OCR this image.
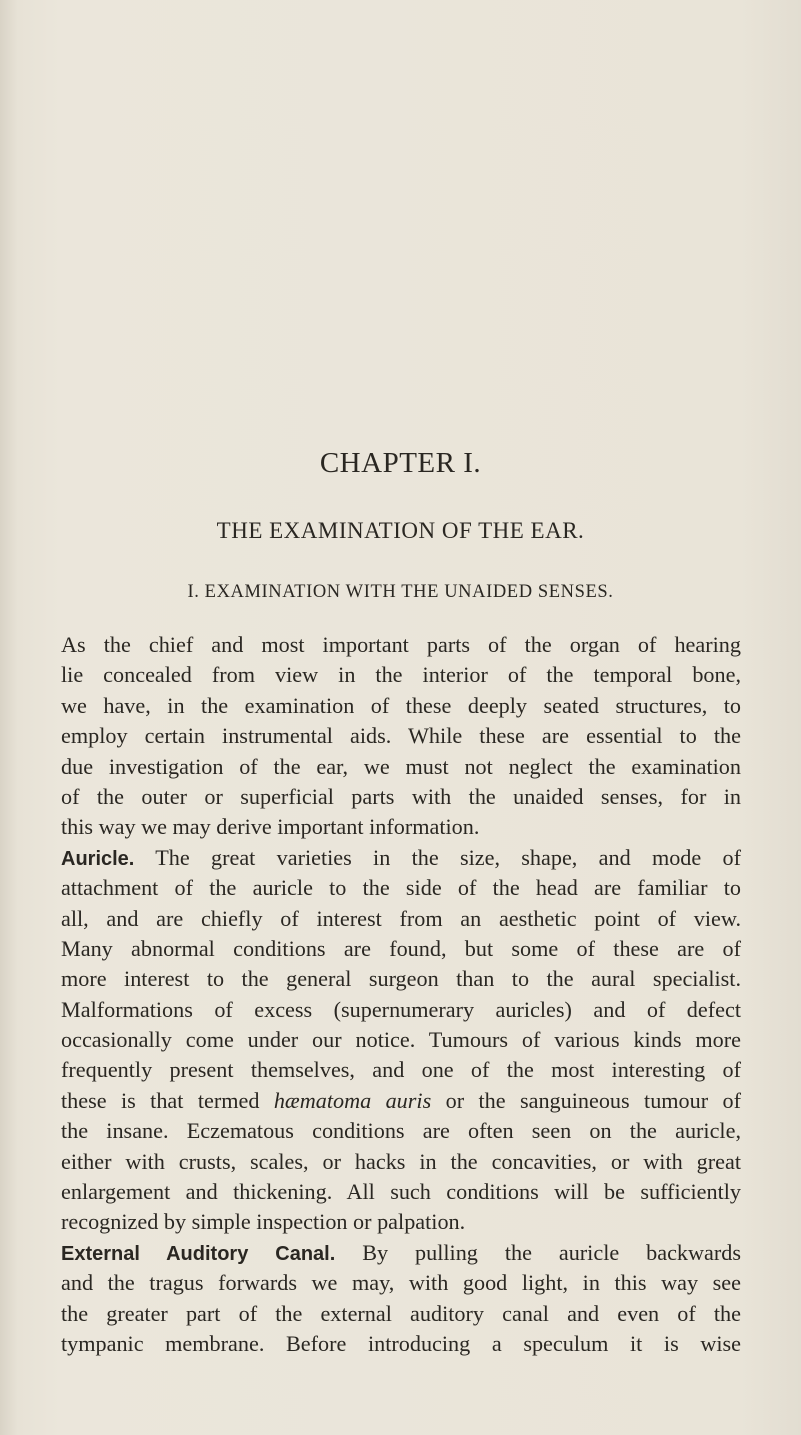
CHAPTER I.
THE EXAMINATION OF THE EAR.
I. EXAMINATION WITH THE UNAIDED SENSES.
As the chief and most important parts of the organ of hearing
lie concealed from view in the interior of the temporal bone,
we have, in the examination of these deeply seated structures, to
employ certain instrumental aids. While these are essential to the
due investigation of the ear, we must not neglect the examination
of the outer or superficial parts with the unaided senses, for in
this way we may derive important information.
Auricle. The great varieties in the size, shape, and mode of
attachment of the auricle to the side of the head are familiar to
all, and are chiefly of interest from an aesthetic point of view.
Many abnormal conditions are found, but some of these are of
more interest to the general surgeon than to the aural specialist.
Malformations of excess (supernumerary auricles) and of defect
occasionally come under our notice. Tumours of various kinds more
frequently present themselves, and one of the most interesting of
these is that termed hæmatoma auris or the sanguineous tumour of
the insane. Eczematous conditions are often seen on the auricle,
either with crusts, scales, or hacks in the concavities, or with great
enlargement and thickening. All such conditions will be sufficiently
recognized by simple inspection or palpation.
External Auditory Canal. By pulling the auricle backwards
and the tragus forwards we may, with good light, in this way see
the greater part of the external auditory canal and even of the
tympanic membrane. Before introducing a speculum it is wise
